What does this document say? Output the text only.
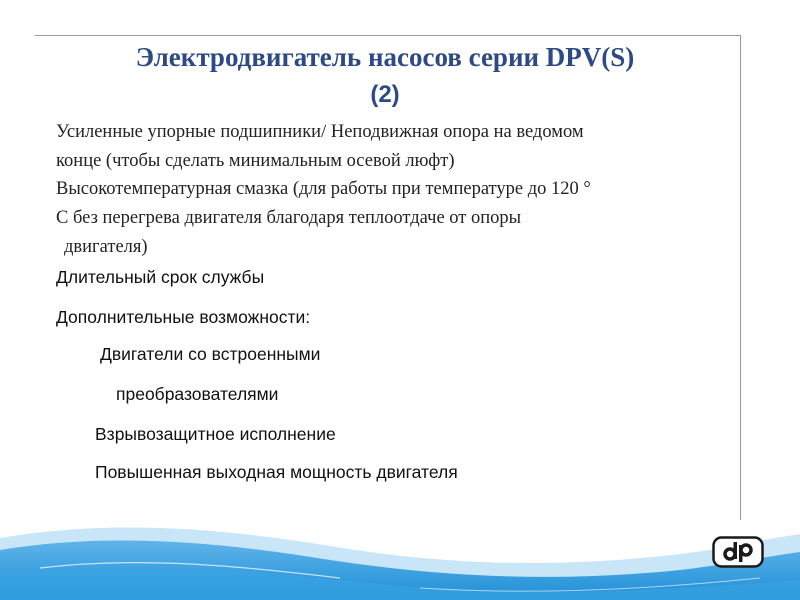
Электродвигатель насосов серии DPV(S)
(2)
Усиленные упорные подшипники/ Неподвижная опора на ведомом
конце (чтобы сделать минимальным осевой люфт)
Высокотемпературная смазка (для работы при температуре до 120 °
С без перегрева двигателя благодаря теплоотдаче от опоры
двигателя)
Длительный срок службы
Дополнительные возможности:
Двигатели со встроенными
преобразователями
Взрывозащитное исполнение
Повышенная выходная мощность двигателя
